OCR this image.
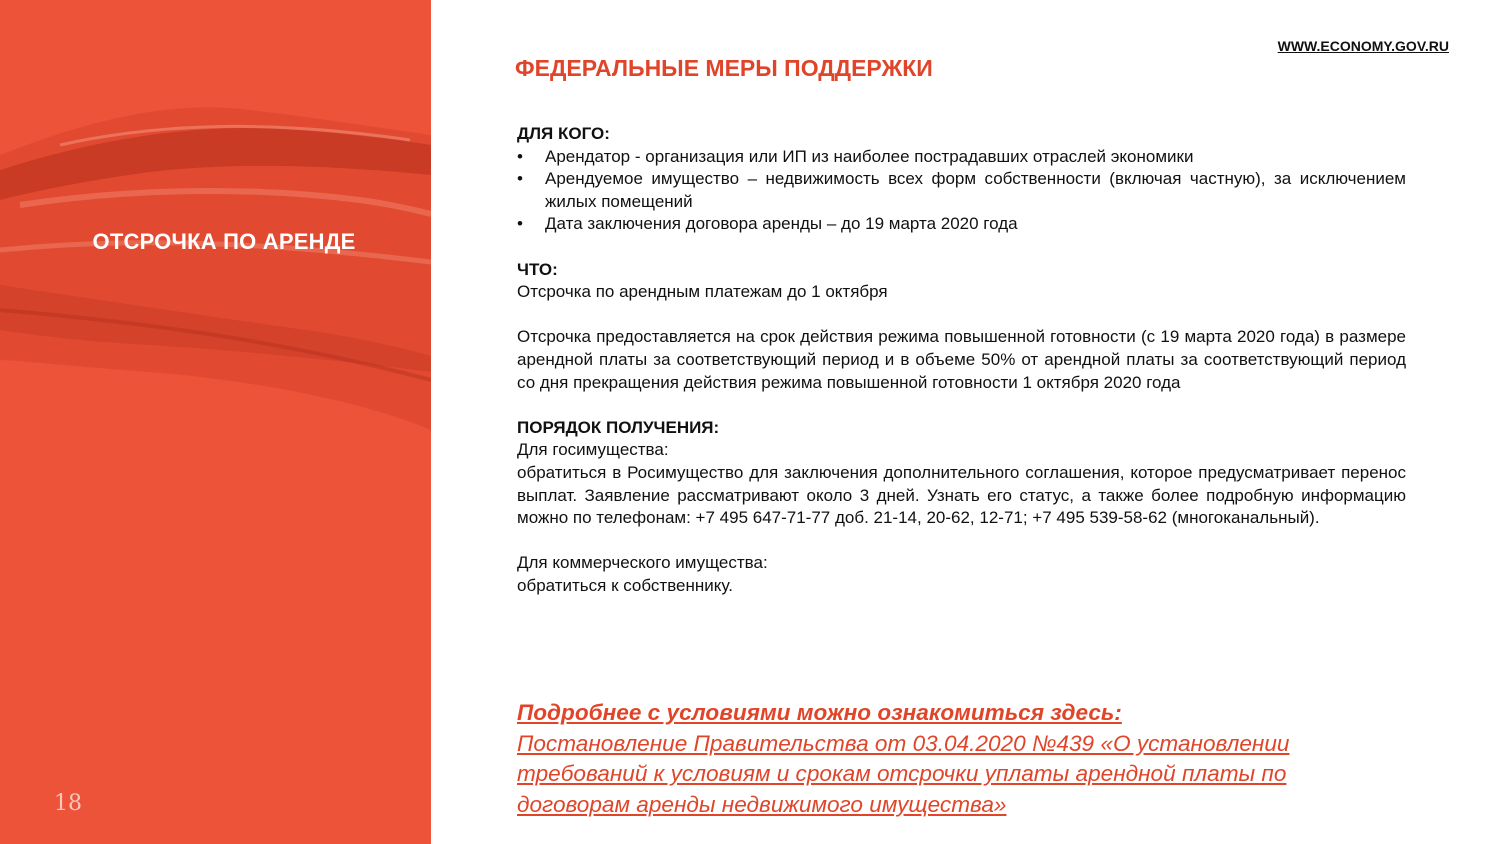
ОТСРОЧКА ПО АРЕНДЕ
18
WWW.ECONOMY.GOV.RU
ФЕДЕРАЛЬНЫЕ МЕРЫ ПОДДЕРЖКИ
ДЛЯ КОГО:
• Арендатор - организация или ИП из наиболее пострадавших отраслей экономики
• Арендуемое имущество – недвижимость всех форм собственности (включая частную), за исключением жилых помещений
• Дата заключения договора аренды – до 19 марта 2020 года
ЧТО:

Отсрочка по арендным платежам до 1 октября

Отсрочка предоставляется на срок действия режима повышенной готовности (с 19 марта 2020 года) в размере арендной платы за соответствующий период и в объеме 50% от арендной платы за соответствующий период со дня прекращения действия режима повышенной готовности 1 октября 2020 года

ПОРЯДОК ПОЛУЧЕНИЯ:

Для госимущества:

обратиться в Росимущество для заключения дополнительного соглашения, которое предусматривает перенос выплат. Заявление рассматривают около 3 дней. Узнать его статус, а также более подробную информацию можно по телефонам: +7 495 647-71-77 доб. 21-14, 20-62, 12-71; +7 495 539-58-62 (многоканальный).

Для коммерческого имущества:

обратиться к собственнику.

Подробнее с условиями можно ознакомиться здесь:
Постановление Правительства от 03.04.2020 №439 «О установлении
требований к условиям и срокам отсрочки уплаты арендной платы по
договорам аренды недвижимого имущества»
